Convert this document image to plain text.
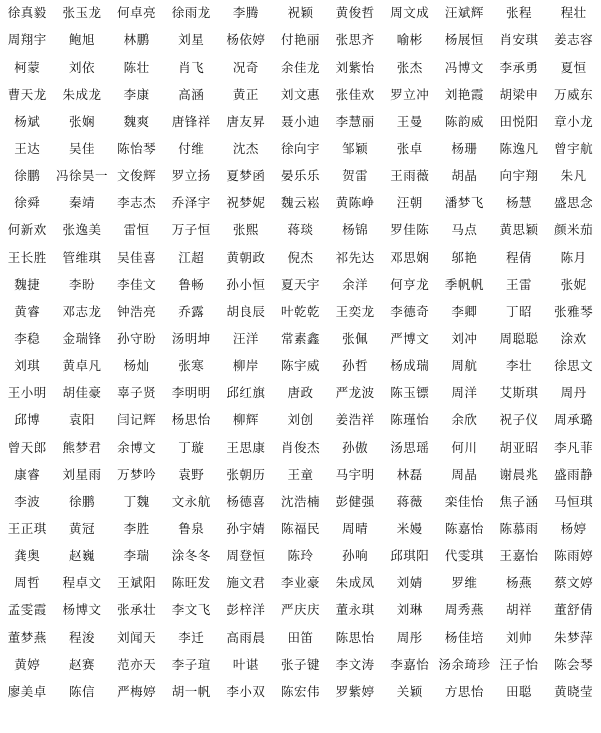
徐真毅 张玉龙 何卓亮 徐雨龙 李腾 祝颖 黄俊哲 周文成 汪斌辉 张程 程壮
周翔宇 鲍旭 林鹏 刘星 杨依婷 付艳丽 张思齐 喻彬 杨展恒 肖安琪 姜志容
柯蒙 刘依 陈壮 肖飞 况奇 余佳龙 刘紫怡 张杰 冯博文 李承勇 夏恒
曹天龙 朱成龙 李康 高涵 黄正 刘文惠 张佳欢 罗立冲 刘艳霞 胡梁申 万威东
杨斌 张娴 魏爽 唐锋祥 唐友昇 聂小迪 李慧丽 王曼 陈韵威 田悦阳 章小龙
王达 吴佳 陈怡琴 付维 沈杰 徐向宇 邹颖 张卓 杨珊 陈逸凡 曾宇航
徐鹏 冯徐昊一 文俊辉 罗立扬 夏梦函 晏乐乐 贺雷 王雨薇 胡晶 向宇翔 朱凡
徐舜 秦靖 李志杰 乔泽宇 祝梦妮 魏云崧 黄陈峥 汪朝 潘梦飞 杨慧 盛思念
何新欢 张逸美 雷恒 万子恒 张熙 蒋琰 杨锦 罗佳陈 马点 黄思颖 颜米茄
王长胜 管维琪 吴佳喜 江超 黄朝政 倪杰 祁先达 邓思娴 邬艳 程倩 陈月
魏捷 李盼 李佳文 鲁畅 孙小恒 夏天宇 余洋 何亨龙 季帆帆 王雷 张妮
黄睿 邓志龙 钟浩亮 乔露 胡良辰 叶乾乾 王奕龙 李德奇 李卿 丁昭 张雅琴
李稳 金瑞锋 孙守盼 汤明坤 汪洋 常素鑫 张佩 严博文 刘冲 周聪聪 涂欢
刘琪 黄卓凡 杨灿 张寒 柳岸 陈宇威 孙哲 杨成瑞 周航 李壮 徐思文
王小明 胡佳豪 辜子贤 李明明 邱红旗 唐政 严龙波 陈玉镖 周洋 艾斯琪 周丹
邱博 袁阳 闫记辉 杨思怡 柳辉 刘创 姜浩祥 陈瑾怡 余欣 祝子仪 周承璐
曾天郎 熊梦君 余博文 丁璇 王思康 肖俊杰 孙傲 汤思瑶 何川 胡亚昭 李凡菲
康睿 刘星雨 万梦吟 袁野 张朝历 王童 马宇明 林磊 周晶 谢晨兆 盛雨静
李波 徐鹏 丁魏 文永航 杨德喜 沈浩楠 彭健强 蒋薇 栾佳怡 焦子涵 马恒琪
王正琪 黄冠 李胜 鲁泉 孙宇婧 陈福民 周晴 米嫚 陈嘉怡 陈慕雨 杨婷
龚奥 赵巍 李瑞 涂冬冬 周登恒 陈玲 孙响 邱琪阳 代雯琪 王嘉怡 陈雨婷
周哲 程卓文 王斌阳 陈旺发 施文君 李业豪 朱成凤 刘婧 罗维 杨燕 蔡文婷
孟雯霞 杨博文 张承壮 李文飞 彭梓洋 严庆庆 董永琪 刘琳 周秀燕 胡祥 董舒倩
董梦燕 程浚 刘闻天 李迁 高雨晨 田笛 陈思怡 周彤 杨佳培 刘帅 朱梦萍
黄婷 赵赛 范亦天 李子瑄 叶谌 张子键 李文涛 李嘉怡 汤余琦珍 汪子怡 陈会琴
廖美卓 陈信 严梅婷 胡一帆 李小双 陈宏伟 罗紫婷 关颖 方思怡 田聪 黄晓莹
